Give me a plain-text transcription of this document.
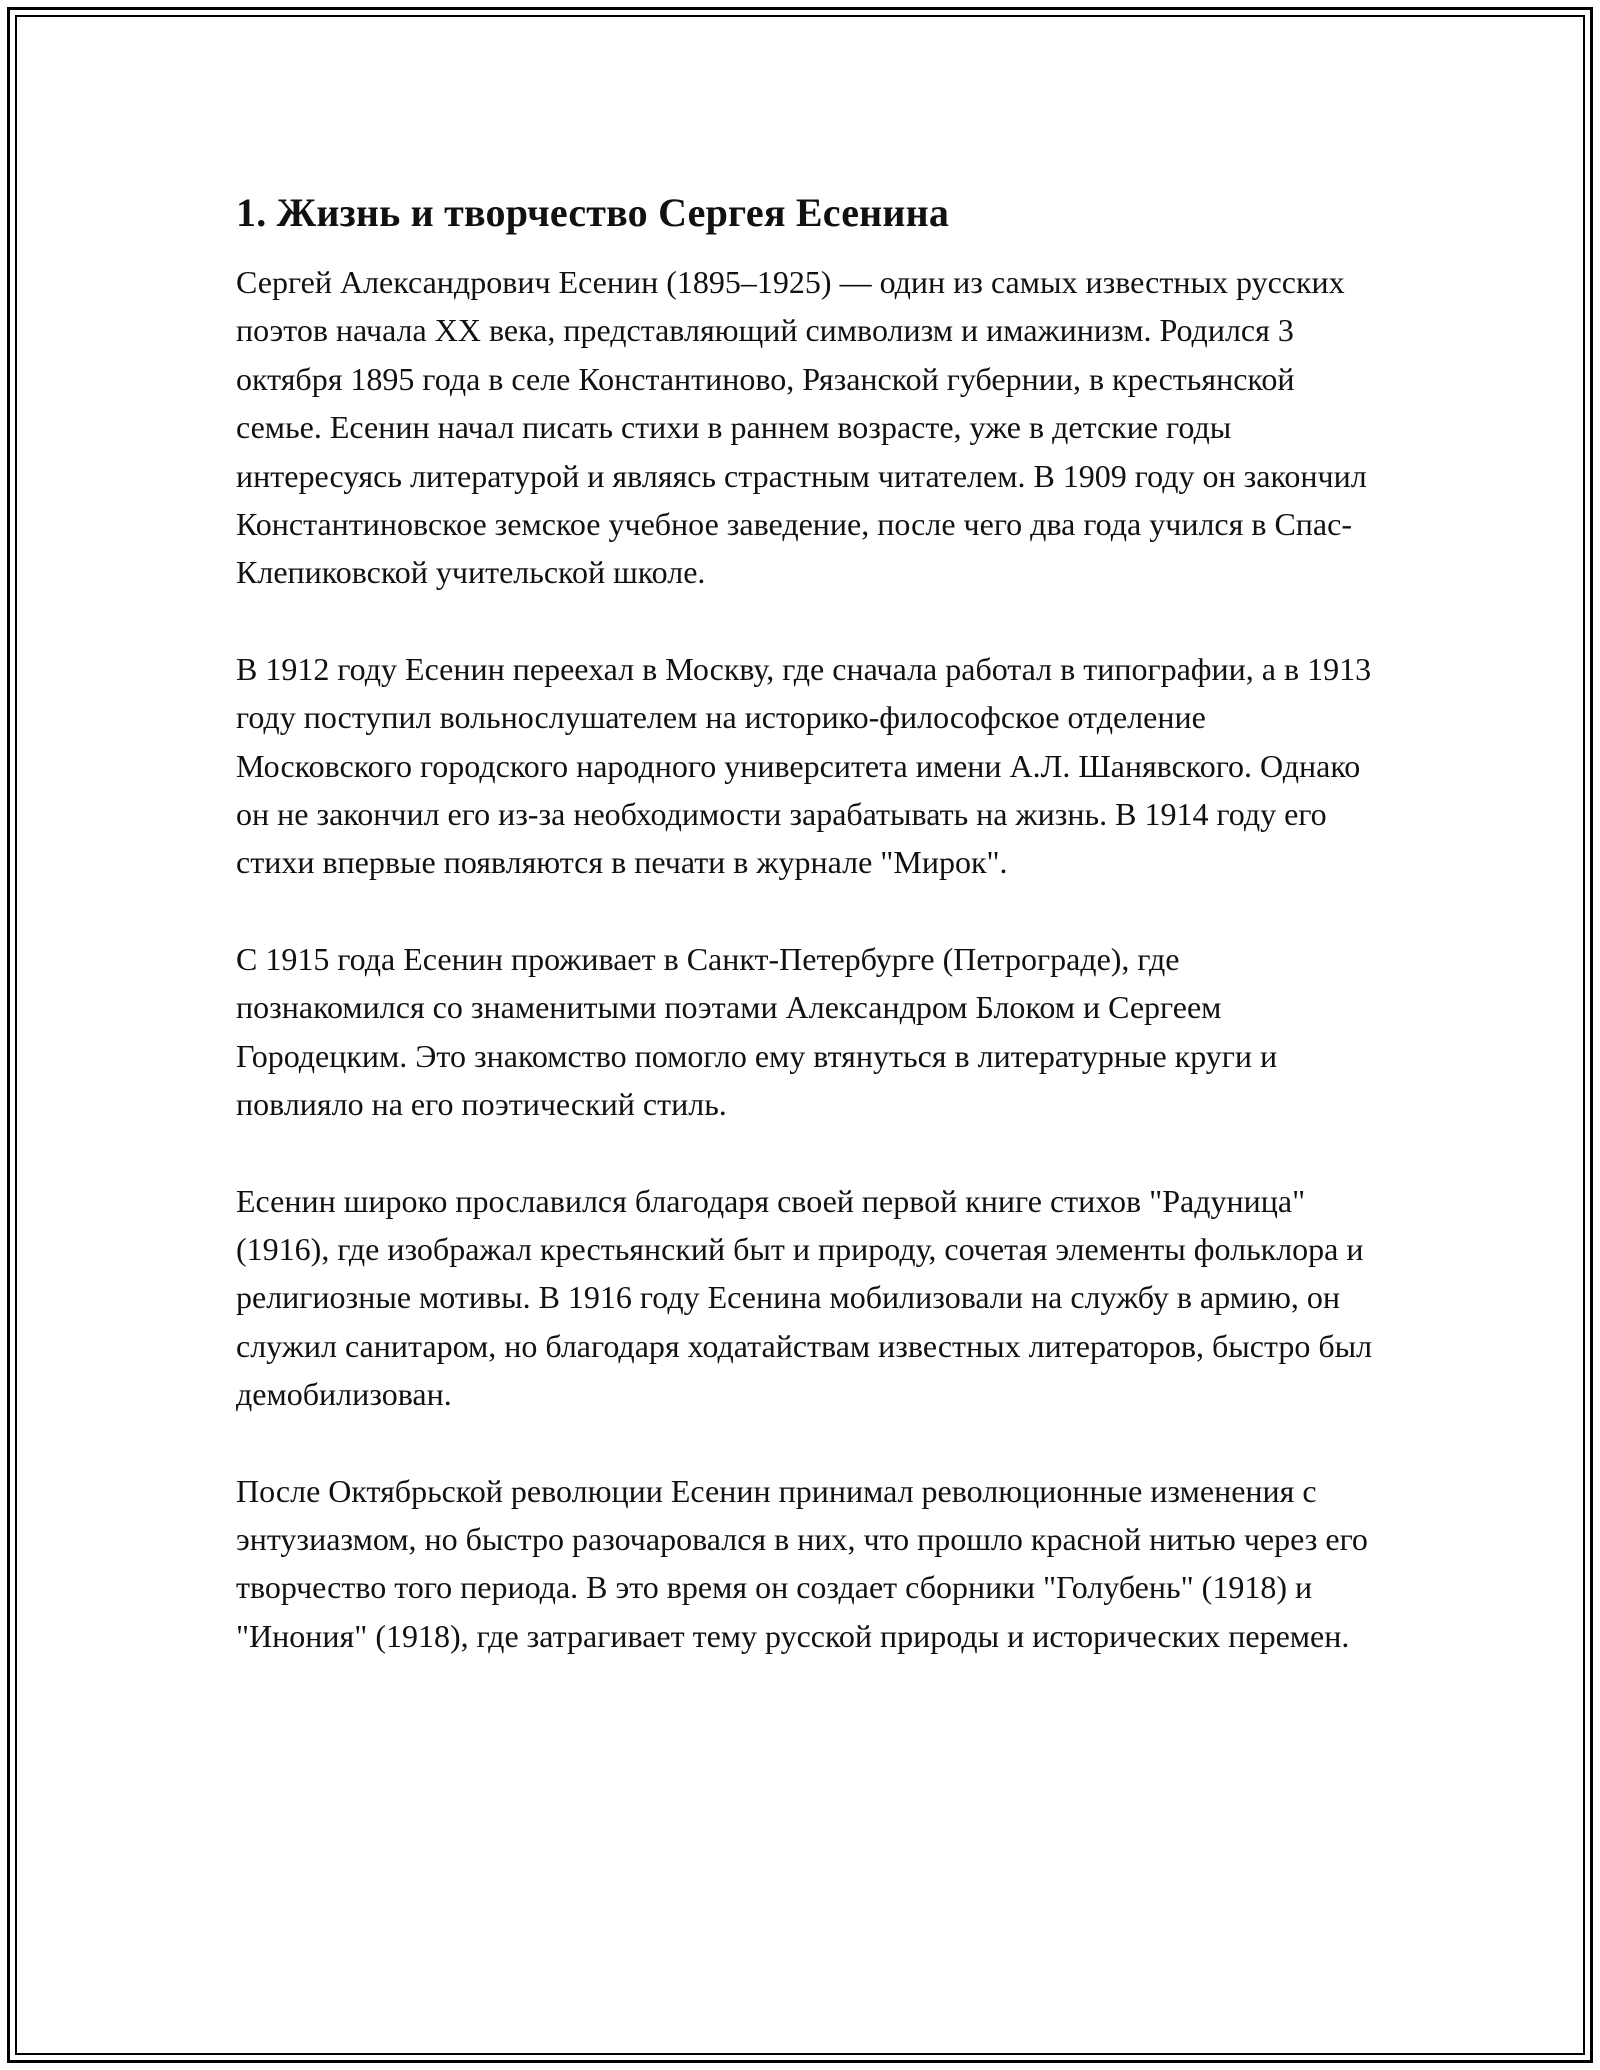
1. Жизнь и творчество Сергея Есенина

Сергей Александрович Есенин (1895–1925) — один из самых известных русских поэтов начала XX века, представляющий символизм и имажинизм. Родился 3 октября 1895 года в селе Константиново, Рязанской губернии, в крестьянской семье. Есенин начал писать стихи в раннем возрасте, уже в детские годы интересуясь литературой и являясь страстным читателем. В 1909 году он закончил Константиновское земское учебное заведение, после чего два года учился в Спас-Клепиковской учительской школе.

В 1912 году Есенин переехал в Москву, где сначала работал в типографии, а в 1913 году поступил вольнослушателем на историко-философское отделение Московского городского народного университета имени А.Л. Шанявского. Однако он не закончил его из-за необходимости зарабатывать на жизнь. В 1914 году его стихи впервые появляются в печати в журнале "Мирок".

С 1915 года Есенин проживает в Санкт-Петербурге (Петрограде), где познакомился со знаменитыми поэтами Александром Блоком и Сергеем Городецким. Это знакомство помогло ему втянуться в литературные круги и повлияло на его поэтический стиль.

Есенин широко прославился благодаря своей первой книге стихов "Радуница" (1916), где изображал крестьянский быт и природу, сочетая элементы фольклора и религиозные мотивы. В 1916 году Есенина мобилизовали на службу в армию, он служил санитаром, но благодаря ходатайствам известных литераторов, быстро был демобилизован.

После Октябрьской революции Есенин принимал революционные изменения с энтузиазмом, но быстро разочаровался в них, что прошло красной нитью через его творчество того периода. В это время он создает сборники "Голубень" (1918) и "Инония" (1918), где затрагивает тему русской природы и исторических перемен.
